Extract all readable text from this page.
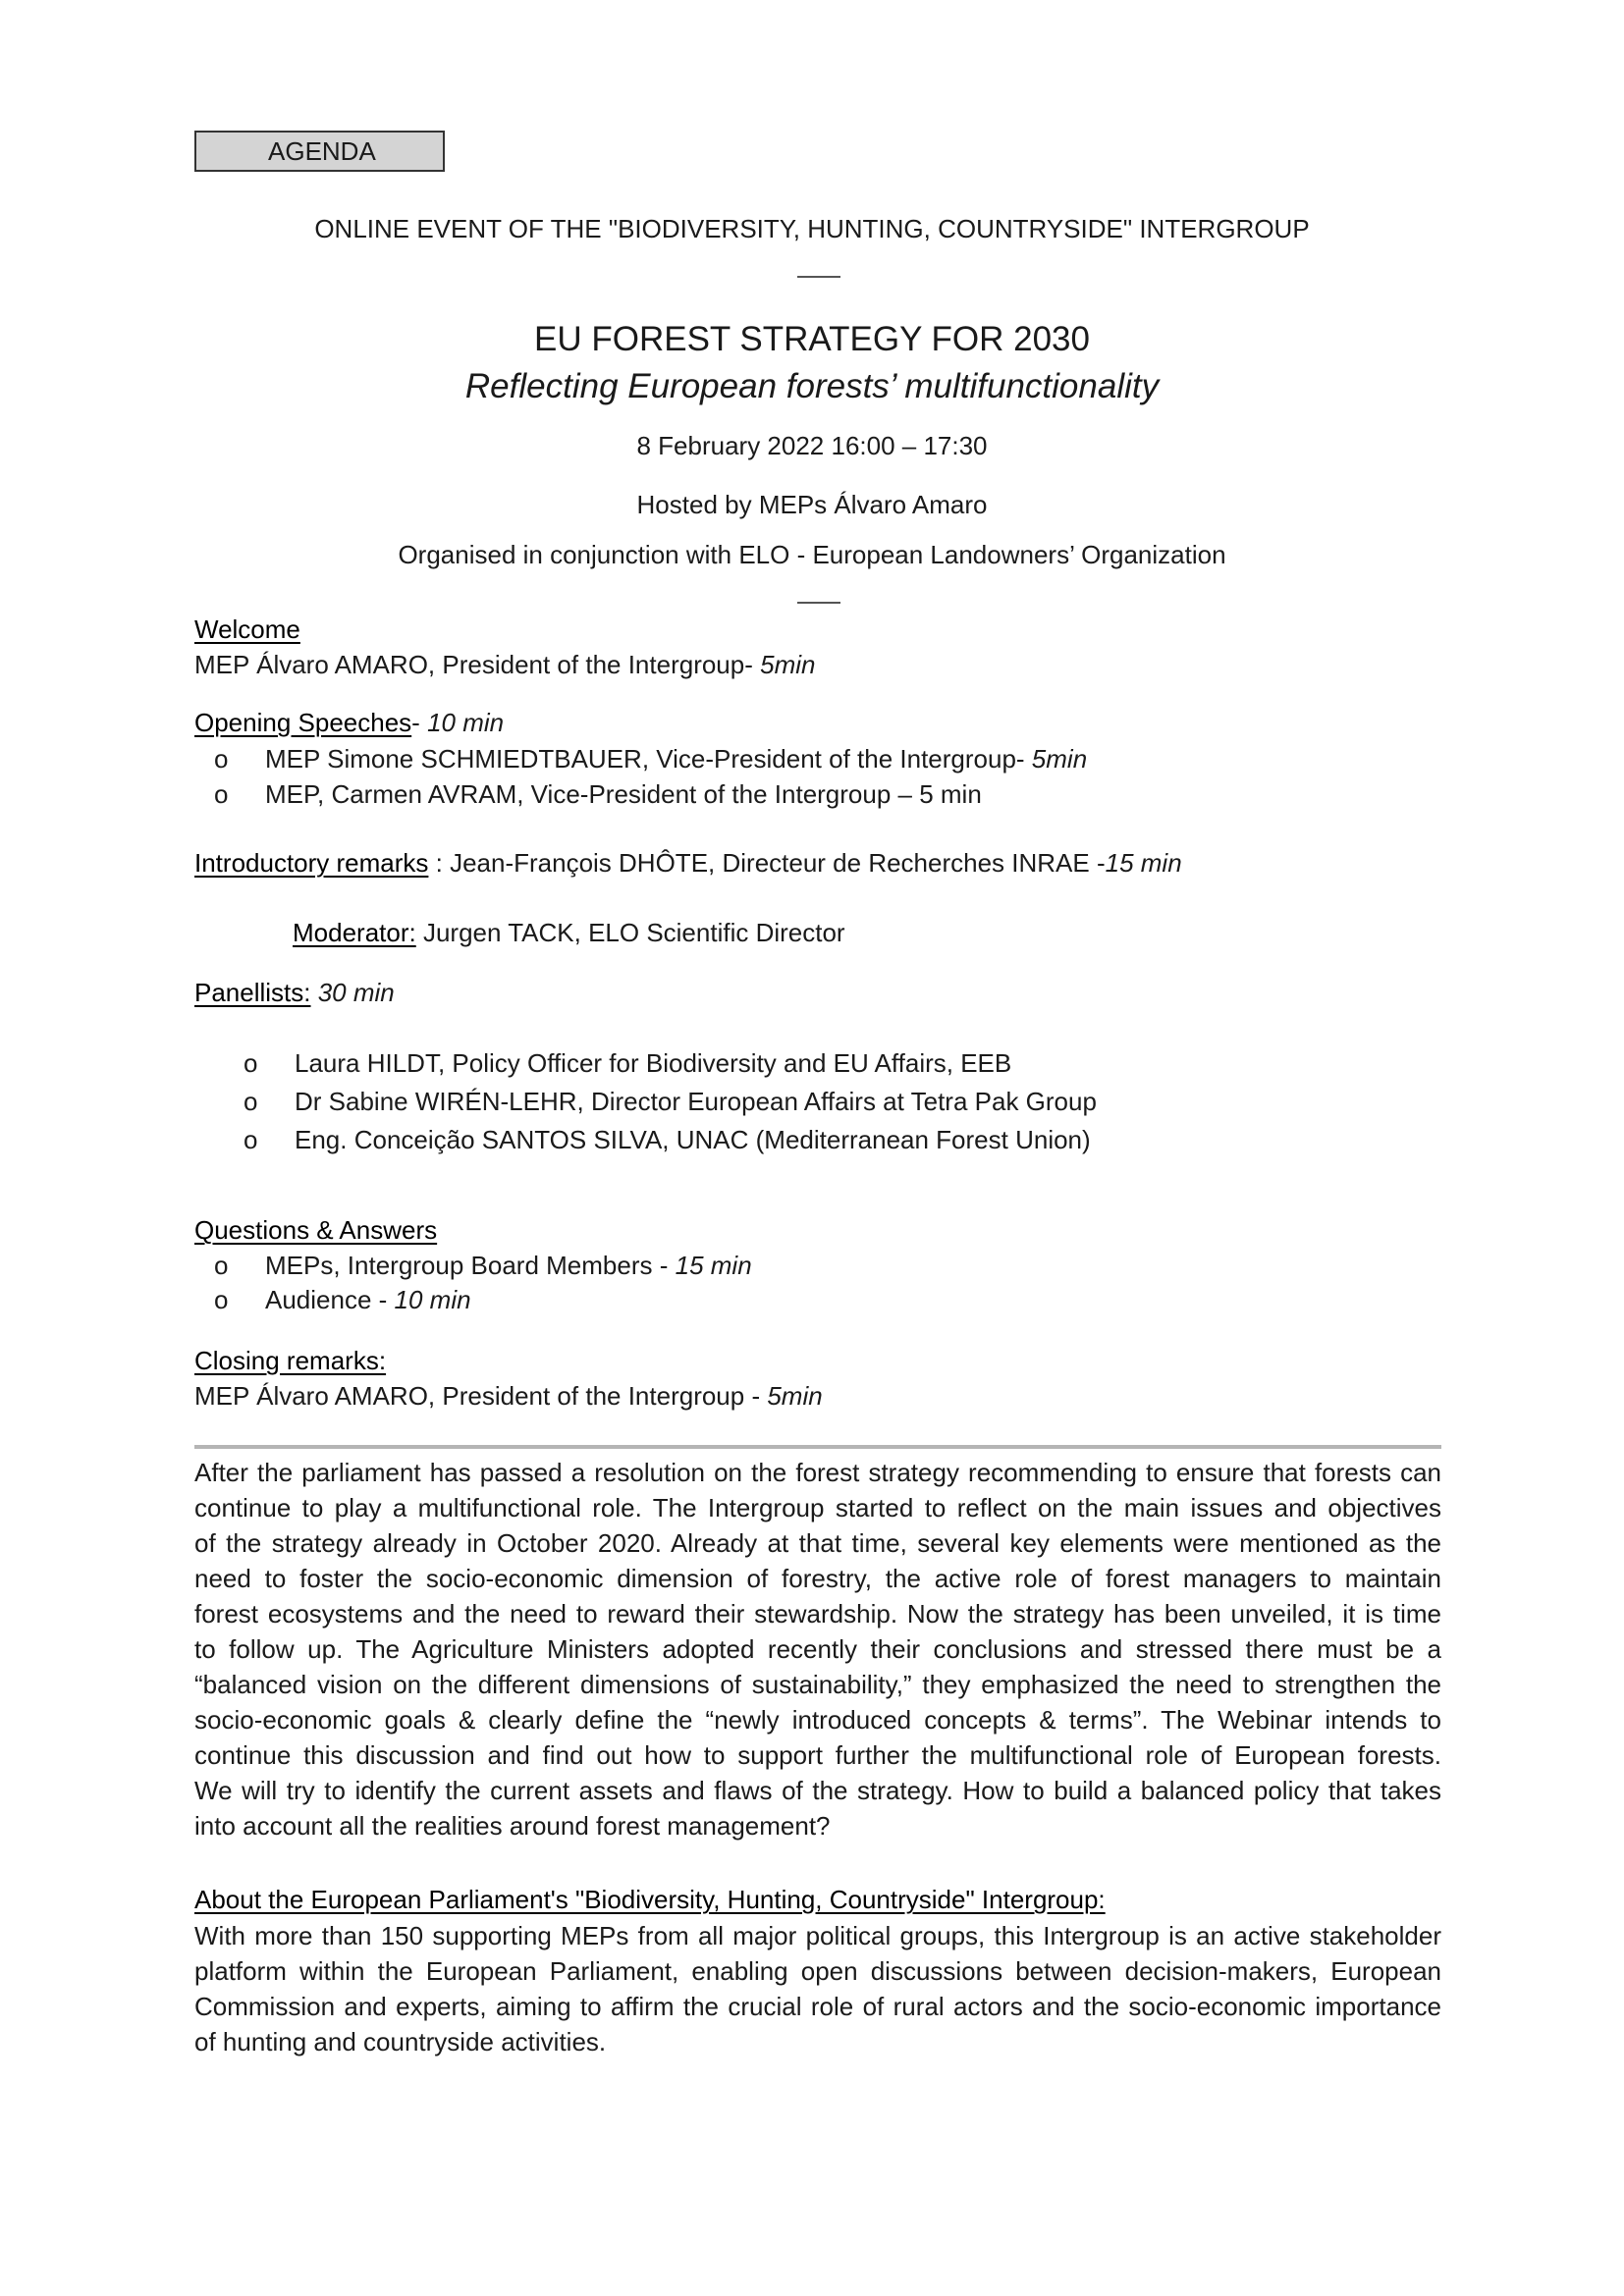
AGENDA
ONLINE EVENT OF THE "BIODIVERSITY, HUNTING, COUNTRYSIDE" INTERGROUP
EU FOREST STRATEGY FOR 2030
Reflecting European forests’ multifunctionality
8 February 2022 16:00 – 17:30
Hosted by MEPs Álvaro Amaro
Organised in conjunction with ELO - European Landowners’ Organization
Welcome
MEP Álvaro AMARO, President of the Intergroup- 5min
Opening Speeches- 10 min
o MEP Simone SCHMIEDTBAUER, Vice-President of the Intergroup- 5min
o MEP, Carmen AVRAM, Vice-President of the Intergroup – 5 min
Introductory remarks : Jean-François DHÔTE, Directeur de Recherches INRAE -15 min
Moderator: Jurgen TACK, ELO Scientific Director
Panellists: 30 min
o Laura HILDT, Policy Officer for Biodiversity and EU Affairs, EEB
o Dr Sabine WIRÉN-LEHR, Director European Affairs at Tetra Pak Group
o Eng. Conceição SANTOS SILVA, UNAC (Mediterranean Forest Union)
Questions & Answers
o MEPs, Intergroup Board Members - 15 min
o Audience - 10 min
Closing remarks:
MEP Álvaro AMARO, President of the Intergroup - 5min
After the parliament has passed a resolution on the forest strategy recommending to ensure that forests can
continue to play a multifunctional role. The Intergroup started to reflect on the main issues and objectives
of the strategy already in October 2020. Already at that time, several key elements were mentioned as the
need to foster the socio-economic dimension of forestry, the active role of forest managers to maintain
forest ecosystems and the need to reward their stewardship. Now the strategy has been unveiled, it is time
to follow up. The Agriculture Ministers adopted recently their conclusions and stressed there must be a
“balanced vision on the different dimensions of sustainability,” they emphasized the need to strengthen the
socio-economic goals & clearly define the “newly introduced concepts & terms”. The Webinar intends to
continue this discussion and find out how to support further the multifunctional role of European forests.
We will try to identify the current assets and flaws of the strategy. How to build a balanced policy that takes
into account all the realities around forest management?
About the European Parliament's "Biodiversity, Hunting, Countryside" Intergroup:
With more than 150 supporting MEPs from all major political groups, this Intergroup is an active stakeholder
platform within the European Parliament, enabling open discussions between decision-makers, European
Commission and experts, aiming to affirm the crucial role of rural actors and the socio-economic importance
of hunting and countryside activities.
